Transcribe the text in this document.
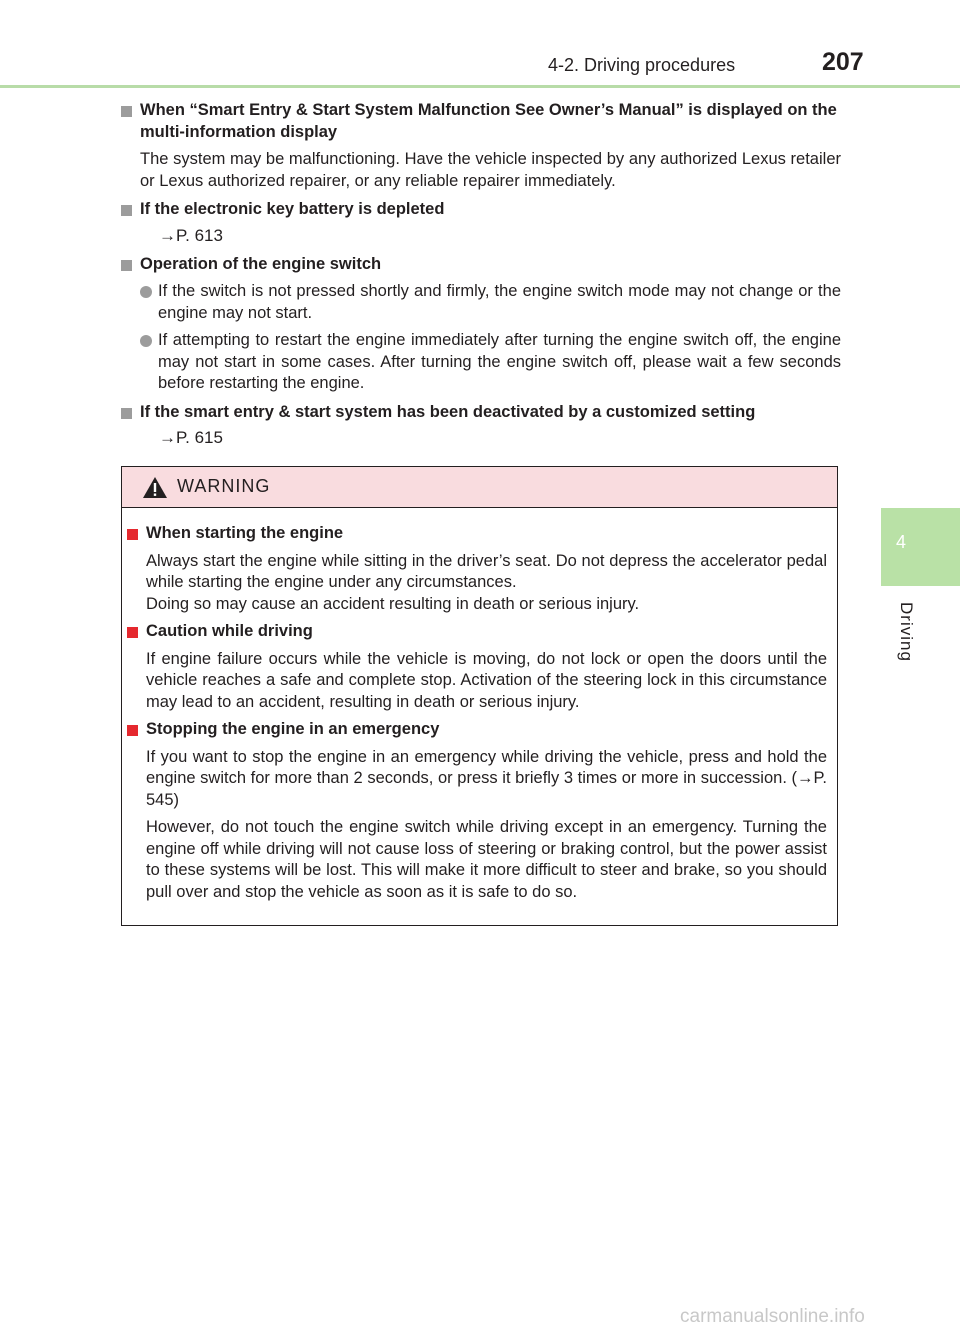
4-2. Driving procedures	207
4
Driving

When “Smart Entry & Start System Malfunction See Owner’s Manual” is displayed on the multi-information display

The system may be malfunctioning. Have the vehicle inspected by any authorized Lexus retailer or Lexus authorized repairer, or any reliable repairer immediately.

If the electronic key battery is depleted

→P. 613

Operation of the engine switch

If the switch is not pressed shortly and firmly, the engine switch mode may not change or the engine may not start.

If attempting to restart the engine immediately after turning the engine switch off, the engine may not start in some cases. After turning the engine switch off, please wait a few seconds before restarting the engine.

If the smart entry & start system has been deactivated by a customized setting

→P. 615

WARNING

When starting the engine

Always start the engine while sitting in the driver’s seat. Do not depress the accelerator pedal while starting the engine under any circumstances.
Doing so may cause an accident resulting in death or serious injury.

Caution while driving

If engine failure occurs while the vehicle is moving, do not lock or open the doors until the vehicle reaches a safe and complete stop. Activation of the steering lock in this circumstance may lead to an accident, resulting in death or serious injury.

Stopping the engine in an emergency

If you want to stop the engine in an emergency while driving the vehicle, press and hold the engine switch for more than 2 seconds, or press it briefly 3 times or more in succession. (→P. 545)

However, do not touch the engine switch while driving except in an emergency. Turning the engine off while driving will not cause loss of steering or braking control, but the power assist to these systems will be lost. This will make it more difficult to steer and brake, so you should pull over and stop the vehicle as soon as it is safe to do so.

carmanualsonline.info
